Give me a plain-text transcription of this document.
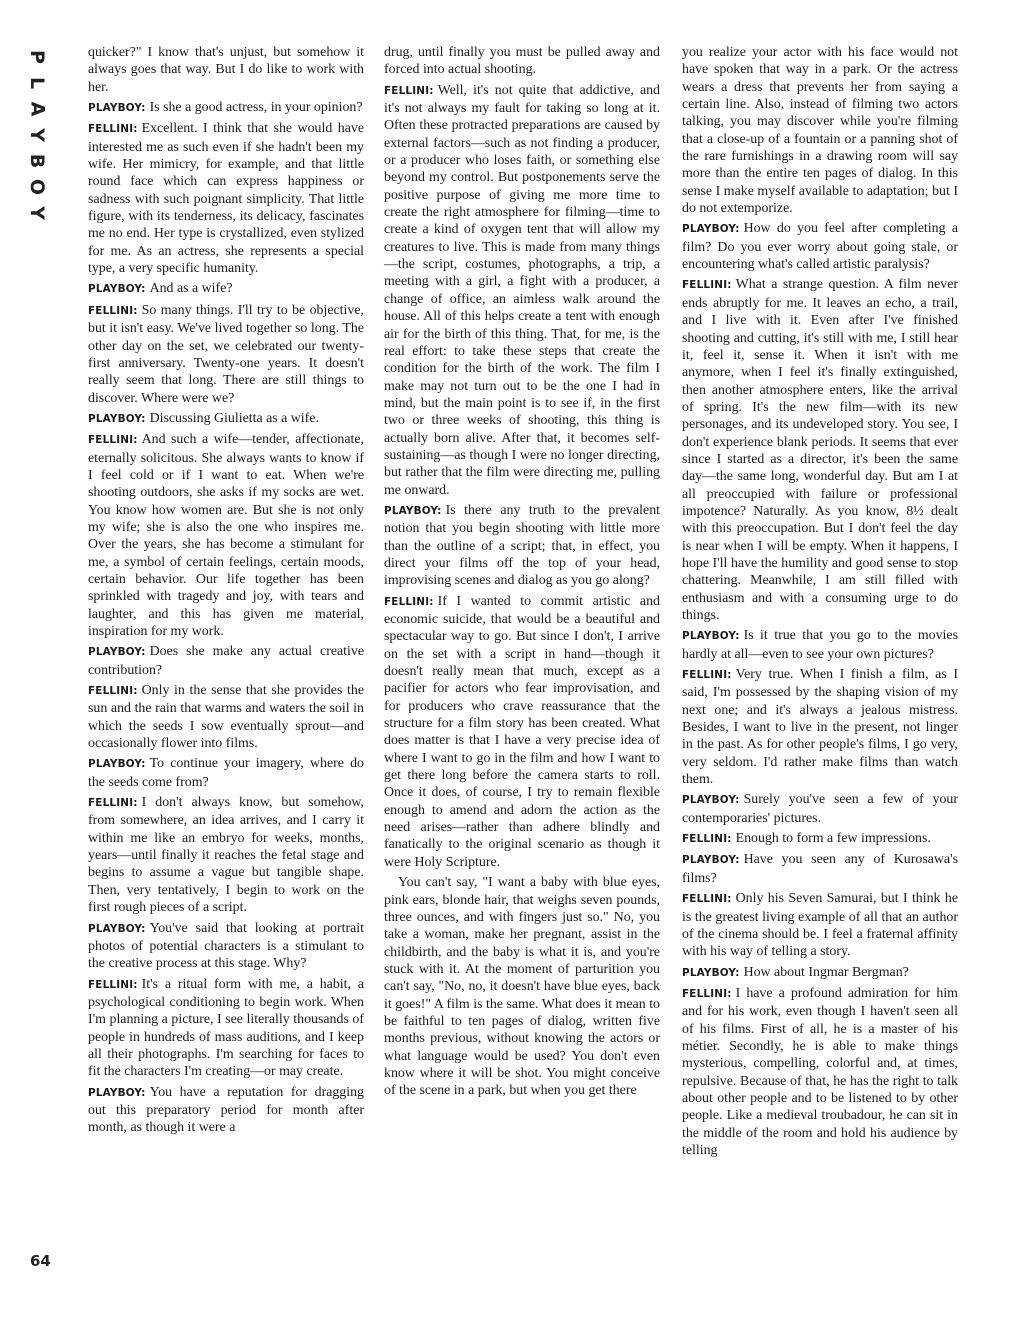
P
L
A
Y
B
O
Y

quicker?" I know that's unjust, but somehow it always goes that way. But I do like to work with her.

PLAYBOY: Is she a good actress, in your opinion?

FELLINI: Excellent. I think that she would have interested me as such even if she hadn't been my wife. Her mimicry, for example, and that little round face which can express happiness or sadness with such poignant simplicity. That little figure, with its tenderness, its delicacy, fascinates me no end. Her type is crystallized, even stylized for me. As an actress, she represents a special type, a very specific humanity.

PLAYBOY: And as a wife?

FELLINI: So many things. I'll try to be objective, but it isn't easy. We've lived together so long. The other day on the set, we celebrated our twenty-first anniversary. Twenty-one years. It doesn't really seem that long. There are still things to discover. Where were we?

PLAYBOY: Discussing Giulietta as a wife.

FELLINI: And such a wife—tender, affectionate, eternally solicitous. She always wants to know if I feel cold or if I want to eat. When we're shooting outdoors, she asks if my socks are wet. You know how women are. But she is not only my wife; she is also the one who inspires me. Over the years, she has become a stimulant for me, a symbol of certain feelings, certain moods, certain behavior. Our life together has been sprinkled with tragedy and joy, with tears and laughter, and this has given me material, inspiration for my work.

PLAYBOY: Does she make any actual creative contribution?

FELLINI: Only in the sense that she provides the sun and the rain that warms and waters the soil in which the seeds I sow eventually sprout—and occasionally flower into films.

PLAYBOY: To continue your imagery, where do the seeds come from?

FELLINI: I don't always know, but somehow, from somewhere, an idea arrives, and I carry it within me like an embryo for weeks, months, years—until finally it reaches the fetal stage and begins to assume a vague but tangible shape. Then, very tentatively, I begin to work on the first rough pieces of a script.

PLAYBOY: You've said that looking at portrait photos of potential characters is a stimulant to the creative process at this stage. Why?

FELLINI: It's a ritual form with me, a habit, a psychological conditioning to begin work. When I'm planning a picture, I see literally thousands of people in hundreds of mass auditions, and I keep all their photographs. I'm searching for faces to fit the characters I'm creating—or may create.

PLAYBOY: You have a reputation for dragging out this preparatory period for month after month, as though it were a

drug, until finally you must be pulled away and forced into actual shooting.

FELLINI: Well, it's not quite that addictive, and it's not always my fault for taking so long at it. Often these protracted preparations are caused by external factors—such as not finding a producer, or a producer who loses faith, or something else beyond my control. But postponements serve the positive purpose of giving me more time to create the right atmosphere for filming—time to create a kind of oxygen tent that will allow my creatures to live. This is made from many things—the script, costumes, photographs, a trip, a meeting with a girl, a fight with a producer, a change of office, an aimless walk around the house. All of this helps create a tent with enough air for the birth of this thing. That, for me, is the real effort: to take these steps that create the condition for the birth of the work. The film I make may not turn out to be the one I had in mind, but the main point is to see if, in the first two or three weeks of shooting, this thing is actually born alive. After that, it becomes self-sustaining—as though I were no longer directing, but rather that the film were directing me, pulling me onward.

PLAYBOY: Is there any truth to the prevalent notion that you begin shooting with little more than the outline of a script; that, in effect, you direct your films off the top of your head, improvising scenes and dialog as you go along?

FELLINI: If I wanted to commit artistic and economic suicide, that would be a beautiful and spectacular way to go. But since I don't, I arrive on the set with a script in hand—though it doesn't really mean that much, except as a pacifier for actors who fear improvisation, and for producers who crave reassurance that the structure for a film story has been created. What does matter is that I have a very precise idea of where I want to go in the film and how I want to get there long before the camera starts to roll. Once it does, of course, I try to remain flexible enough to amend and adorn the action as the need arises—rather than adhere blindly and fanatically to the original scenario as though it were Holy Scripture.

You can't say, "I want a baby with blue eyes, pink ears, blonde hair, that weighs seven pounds, three ounces, and with fingers just so." No, you take a woman, make her pregnant, assist in the childbirth, and the baby is what it is, and you're stuck with it. At the moment of parturition you can't say, "No, no, it doesn't have blue eyes, back it goes!" A film is the same. What does it mean to be faithful to ten pages of dialog, written five months previous, without knowing the actors or what language would be used? You don't even know where it will be shot. You might conceive of the scene in a park, but when you get there

you realize your actor with his face would not have spoken that way in a park. Or the actress wears a dress that prevents her from saying a certain line. Also, instead of filming two actors talking, you may discover while you're filming that a close-up of a fountain or a panning shot of the rare furnishings in a drawing room will say more than the entire ten pages of dialog. In this sense I make myself available to adaptation; but I do not extemporize.

PLAYBOY: How do you feel after completing a film? Do you ever worry about going stale, or encountering what's called artistic paralysis?

FELLINI: What a strange question. A film never ends abruptly for me. It leaves an echo, a trail, and I live with it. Even after I've finished shooting and cutting, it's still with me, I still hear it, feel it, sense it. When it isn't with me anymore, when I feel it's finally extinguished, then another atmosphere enters, like the arrival of spring. It's the new film—with its new personages, and its undeveloped story. You see, I don't experience blank periods. It seems that ever since I started as a director, it's been the same day—the same long, wonderful day. But am I at all preoccupied with failure or professional impotence? Naturally. As you know, 8½ dealt with this preoccupation. But I don't feel the day is near when I will be empty. When it happens, I hope I'll have the humility and good sense to stop chattering. Meanwhile, I am still filled with enthusiasm and with a consuming urge to do things.

PLAYBOY: Is it true that you go to the movies hardly at all—even to see your own pictures?

FELLINI: Very true. When I finish a film, as I said, I'm possessed by the shaping vision of my next one; and it's always a jealous mistress. Besides, I want to live in the present, not linger in the past. As for other people's films, I go very, very seldom. I'd rather make films than watch them.

PLAYBOY: Surely you've seen a few of your contemporaries' pictures.

FELLINI: Enough to form a few impressions.

PLAYBOY: Have you seen any of Kurosawa's films?

FELLINI: Only his Seven Samurai, but I think he is the greatest living example of all that an author of the cinema should be. I feel a fraternal affinity with his way of telling a story.

PLAYBOY: How about Ingmar Bergman?

FELLINI: I have a profound admiration for him and for his work, even though I haven't seen all of his films. First of all, he is a master of his métier. Secondly, he is able to make things mysterious, compelling, colorful and, at times, repulsive. Because of that, he has the right to talk about other people and to be listened to by other people. Like a medieval troubadour, he can sit in the middle of the room and hold his audience by telling

64
